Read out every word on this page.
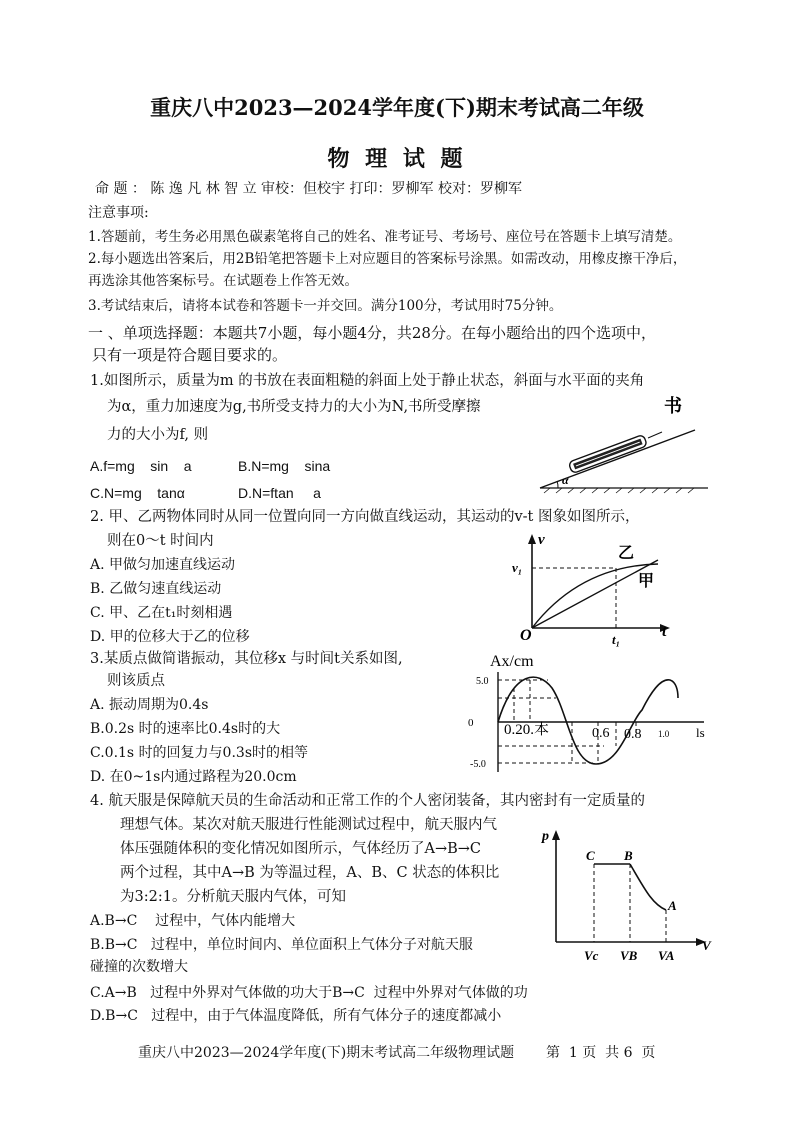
重庆八中2023—2024学年度(下)期末考试高二年级
物 理 试 题
命 题 ： 陈 逸 凡 林 智 立 审校：但校宇 打印：罗柳军 校对：罗柳军
注意事项:
1.答题前，考生务必用黑色碳素笔将自己的姓名、准考证号、考场号、座位号在答题卡上填写清楚。
2.每小题选出答案后，用2B铅笔把答题卡上对应题目的答案标号涂黑。如需改动，用橡皮擦干净后，
再选涂其他答案标号。在试题卷上作答无效。
3.考试结束后，请将本试卷和答题卡一并交回。满分100分，考试用时75分钟。
一 、单项选择题：本题共7小题，每小题4分，共28分。在每小题给出的四个选项中，
只有一项是符合题目要求的。
1.如图所示，质量为m 的书放在表面粗糙的斜面上处于静止状态，斜面与水平面的夹角
为α，重力加速度为g,书所受支持力的大小为N,书所受摩擦
力的大小为f, 则
A.f=mg    sin    a	B.N=mg    sina
C.N=mg    tanα	D.N=ftan     a
α
书
2. 甲、乙两物体同时从同一位置向同一方向做直线运动，其运动的v-t 图象如图所示，
则在0～t 时间内
A. 甲做匀加速直线运动
B. 乙做匀速直线运动
C. 甲、乙在t₁时刻相遇
D. 甲的位移大于乙的位移
v
v₁
乙
甲
O	t₁	t
3.某质点做简谐振动，其位移x 与时间t关系如图,
则该质点
A. 振动周期为0.4s
B.0.2s 时的速率比0.4s时的大
C.0.1s 时的回复力与0.3s时的相等
D. 在0~1s内通过路程为20.0cm
Ax/cm
5.0
0
-5.0
0.20.本	0.6 0.8 1.0 ls
4. 航天服是保障航天员的生命活动和正常工作的个人密闭装备，其内密封有一定质量的
理想气体。某次对航天服进行性能测试过程中，航天服内气
体压强随体积的变化情况如图所示，气体经历了A→B→C
两个过程，其中A→B 为等温过程，A、B、C 状态的体积比
为3:2:1。分析航天服内气体，可知
A.B→C    过程中，气体内能增大
B.B→C   过程中，单位时间内、单位面积上气体分子对航天服
碰撞的次数增大
C.A→B   过程中外界对气体做的功大于B→C  过程中外界对气体做的功
D.B→C   过程中，由于气体温度降低，所有气体分子的速度都减小
p
V
C B
A
Vc VB VA
重庆八中2023—2024学年度(下)期末考试高二年级物理试题 第  1 页  共 6  页
